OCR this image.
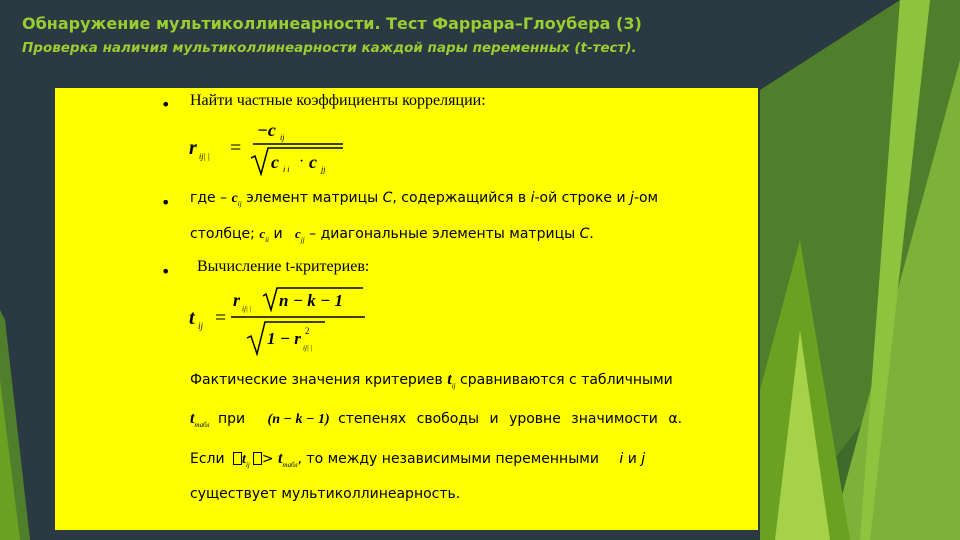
Обнаружение мультиколлинеарности. Тест Фаррара–Глоубера (3)
Проверка наличия мультиколлинеарности каждой пары переменных (t-тест).
• Найти частные коэффициенты корреляции:
r ij| | =
−c ij
c i i · c jj
• где – $c_{ij}$ элемент матрицы C, содержащийся в i-ой строке и j-ом
столбце; $c_{ii}$ и $c_{jj}$ – диагональные элементы матрицы C.
• Вычисление t-критериев:
t ij =
r ij| | n − k − 1
1 − r 2
ij| |
Фактические значения критериев $t_{ij}$ сравниваются с табличными
$t_{табл}$ при (n − k − 1) степенях свободы и уровне значимости α.
Если $t_{ij} > t_{табл}$, то между независимыми переменными i и j
существует мультиколлинеарность.
